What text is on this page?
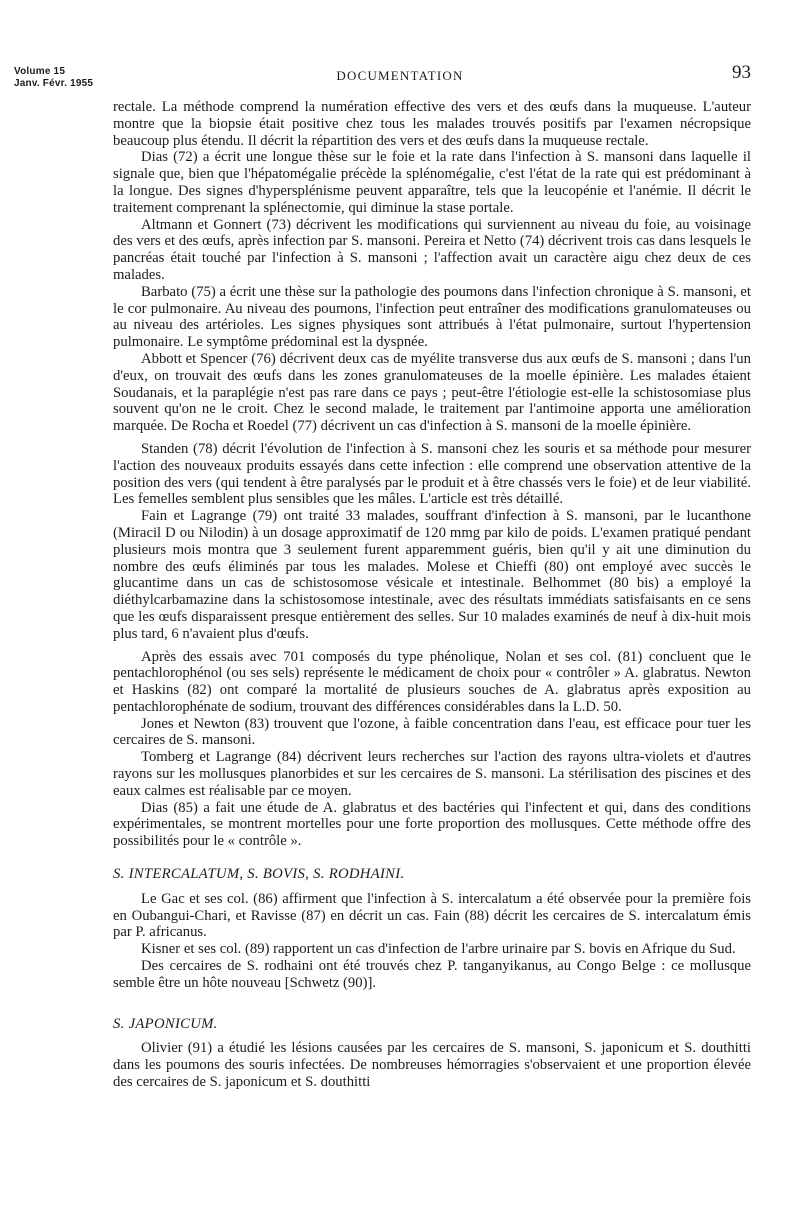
Volume 15
Janv. Févr. 1955
DOCUMENTATION	93

rectale. La méthode comprend la numération effective des vers et des œufs dans la muqueuse. L'auteur montre que la biopsie était positive chez tous les malades trouvés positifs par l'examen nécropsique beaucoup plus étendu. Il décrit la répartition des vers et des œufs dans la muqueuse rectale.

Dias (72) a écrit une longue thèse sur le foie et la rate dans l'infection à S. mansoni dans laquelle il signale que, bien que l'hépatomégalie précède la splénomégalie, c'est l'état de la rate qui est prédominant à la longue. Des signes d'hypersplénisme peuvent apparaître, tels que la leucopénie et l'anémie. Il décrit le traitement comprenant la splénectomie, qui diminue la stase portale.

Altmann et Gonnert (73) décrivent les modifications qui surviennent au niveau du foie, au voisinage des vers et des œufs, après infection par S. mansoni. Pereira et Netto (74) décrivent trois cas dans lesquels le pancréas était touché par l'infection à S. mansoni ; l'affection avait un caractère aigu chez deux de ces malades.

Barbato (75) a écrit une thèse sur la pathologie des poumons dans l'infection chronique à S. mansoni, et le cor pulmonaire. Au niveau des poumons, l'infection peut entraîner des modifications granulomateuses ou au niveau des artérioles. Les signes physiques sont attribués à l'état pulmonaire, surtout l'hypertension pulmonaire. Le symptôme prédominal est la dyspnée.

Abbott et Spencer (76) décrivent deux cas de myélite transverse dus aux œufs de S. mansoni ; dans l'un d'eux, on trouvait des œufs dans les zones granulomateuses de la moelle épinière. Les malades étaient Soudanais, et la paraplégie n'est pas rare dans ce pays ; peut-être l'étiologie est-elle la schistosomiase plus souvent qu'on ne le croit. Chez le second malade, le traitement par l'antimoine apporta une amélioration marquée. De Rocha et Roedel (77) décrivent un cas d'infection à S. mansoni de la moelle épinière.

Standen (78) décrit l'évolution de l'infection à S. mansoni chez les souris et sa méthode pour mesurer l'action des nouveaux produits essayés dans cette infection : elle comprend une observation attentive de la position des vers (qui tendent à être paralysés par le produit et à être chassés vers le foie) et de leur viabilité. Les femelles semblent plus sensibles que les mâles. L'article est très détaillé.

Fain et Lagrange (79) ont traité 33 malades, souffrant d'infection à S. mansoni, par le lucanthone (Miracil D ou Nilodin) à un dosage approximatif de 120 mmg par kilo de poids. L'examen pratiqué pendant plusieurs mois montra que 3 seulement furent apparemment guéris, bien qu'il y ait une diminution du nombre des œufs éliminés par tous les malades. Molese et Chieffi (80) ont employé avec succès le glucantime dans un cas de schistosomose vésicale et intestinale. Belhommet (80 bis) a employé la diéthylcarbamazine dans la schistosomose intestinale, avec des résultats immédiats satisfaisants en ce sens que les œufs disparaissent presque entièrement des selles. Sur 10 malades examinés de neuf à dix-huit mois plus tard, 6 n'avaient plus d'œufs.

Après des essais avec 701 composés du type phénolique, Nolan et ses col. (81) concluent que le pentachlorophénol (ou ses sels) représente le médicament de choix pour « contrôler » A. glabratus. Newton et Haskins (82) ont comparé la mortalité de plusieurs souches de A. glabratus après exposition au pentachlorophénate de sodium, trouvant des différences considérables dans la L.D. 50.

Jones et Newton (83) trouvent que l'ozone, à faible concentration dans l'eau, est efficace pour tuer les cercaires de S. mansoni.

Tomberg et Lagrange (84) décrivent leurs recherches sur l'action des rayons ultra-violets et d'autres rayons sur les mollusques planorbides et sur les cercaires de S. mansoni. La stérilisation des piscines et des eaux calmes est réalisable par ce moyen.

Dias (85) a fait une étude de A. glabratus et des bactéries qui l'infectent et qui, dans des conditions expérimentales, se montrent mortelles pour une forte proportion des mollusques. Cette méthode offre des possibilités pour le « contrôle ».

S. INTERCALATUM, S. BOVIS, S. RODHAINI.

Le Gac et ses col. (86) affirment que l'infection à S. intercalatum a été observée pour la première fois en Oubangui-Chari, et Ravisse (87) en décrit un cas. Fain (88) décrit les cercaires de S. intercalatum émis par P. africanus.

Kisner et ses col. (89) rapportent un cas d'infection de l'arbre urinaire par S. bovis en Afrique du Sud.

Des cercaires de S. rodhaini ont été trouvés chez P. tanganyikanus, au Congo Belge : ce mollusque semble être un hôte nouveau [Schwetz (90)].

S. JAPONICUM.

Olivier (91) a étudié les lésions causées par les cercaires de S. mansoni, S. japonicum et S. douthitti dans les poumons des souris infectées. De nombreuses hémorragies s'observaient et une proportion élevée des cercaires de S. japonicum et S. douthitti
